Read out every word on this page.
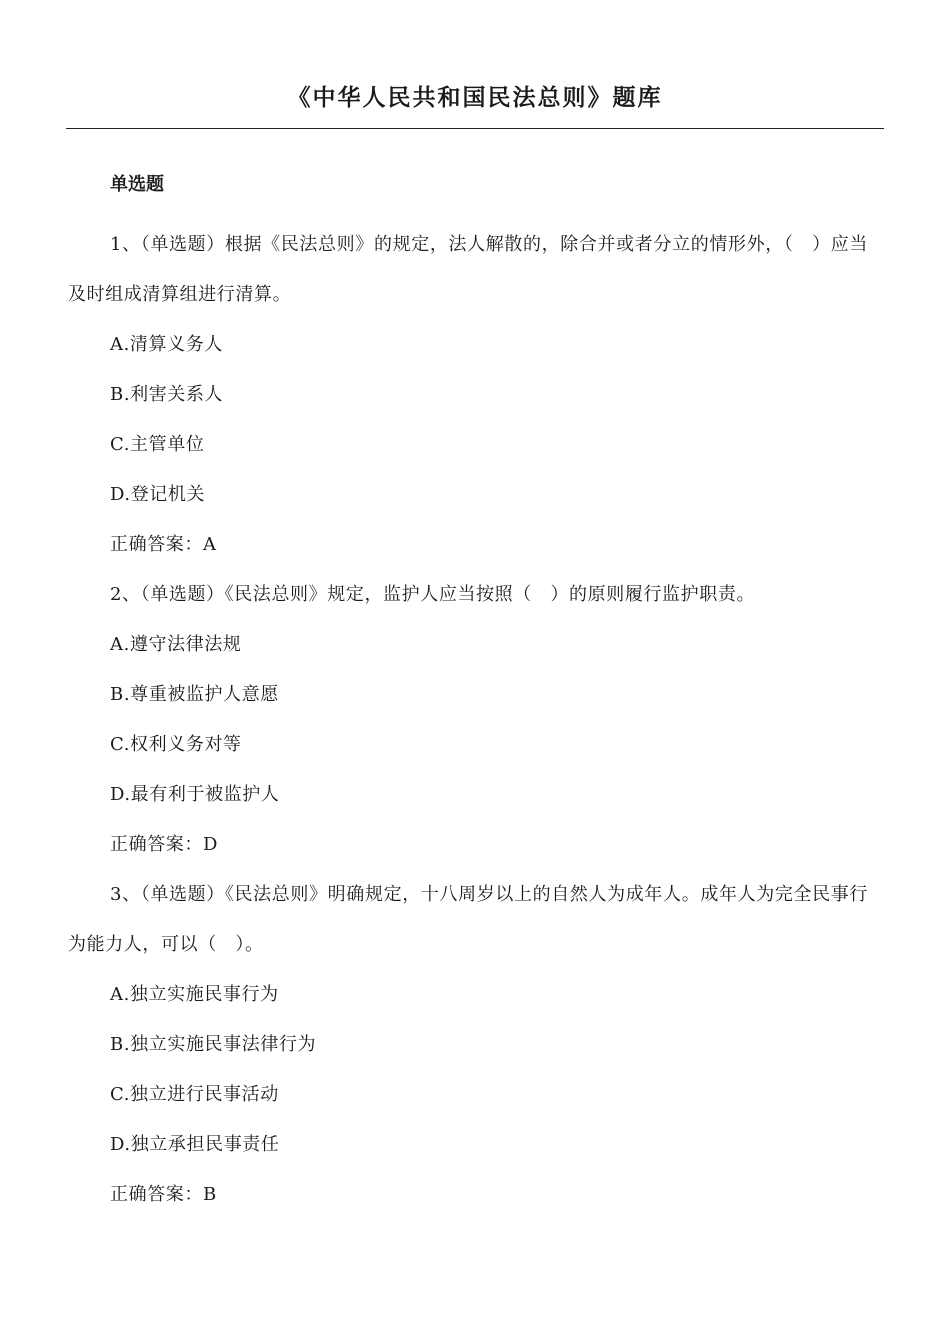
《中华人民共和国民法总则》题库
单选题

1、（单选题）根据《民法总则》的规定，法人解散的，除合并或者分立的情形外，（　）应当及时组成清算组进行清算。

A.清算义务人

B.利害关系人

C.主管单位

D.登记机关

正确答案：A

2、（单选题）《民法总则》规定，监护人应当按照（　）的原则履行监护职责。

A.遵守法律法规

B.尊重被监护人意愿

C.权利义务对等

D.最有利于被监护人

正确答案：D

3、（单选题）《民法总则》明确规定，十八周岁以上的自然人为成年人。成年人为完全民事行为能力人，可以（　）。

A.独立实施民事行为

B.独立实施民事法律行为

C.独立进行民事活动

D.独立承担民事责任

正确答案：B
